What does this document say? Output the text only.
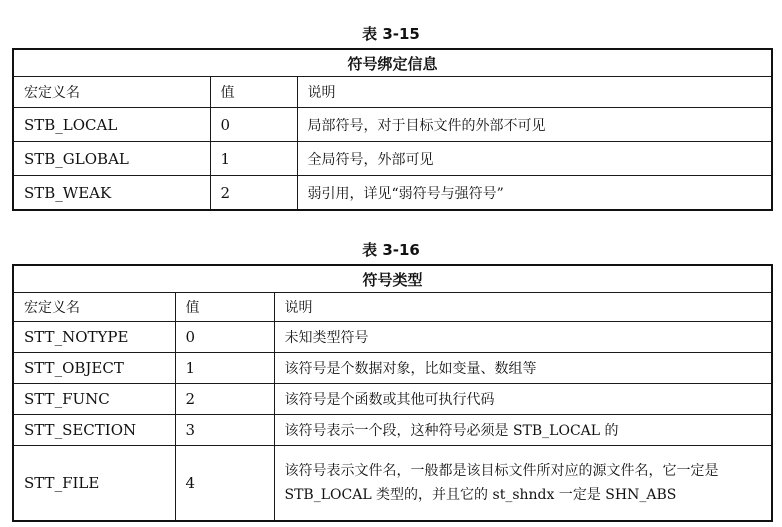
表 3-15
符号绑定信息		
宏定义名	值	说明
STB_LOCAL	0	局部符号，对于目标文件的外部不可见
STB_GLOBAL	1	全局符号，外部可见
STB_WEAK	2	弱引用，详见“弱符号与强符号”
表 3-16
符号类型		
宏定义名	值	说明
STT_NOTYPE	0	未知类型符号
STT_OBJECT	1	该符号是个数据对象，比如变量、数组等
STT_FUNC	2	该符号是个函数或其他可执行代码
STT_SECTION	3	该符号表示一个段，这种符号必须是 STB_LOCAL 的
STT_FILE	4	该符号表示文件名，一般都是该目标文件所对应的源文件名，它一定是 STB_LOCAL 类型的，并且它的 st_shndx 一定是 SHN_ABS
